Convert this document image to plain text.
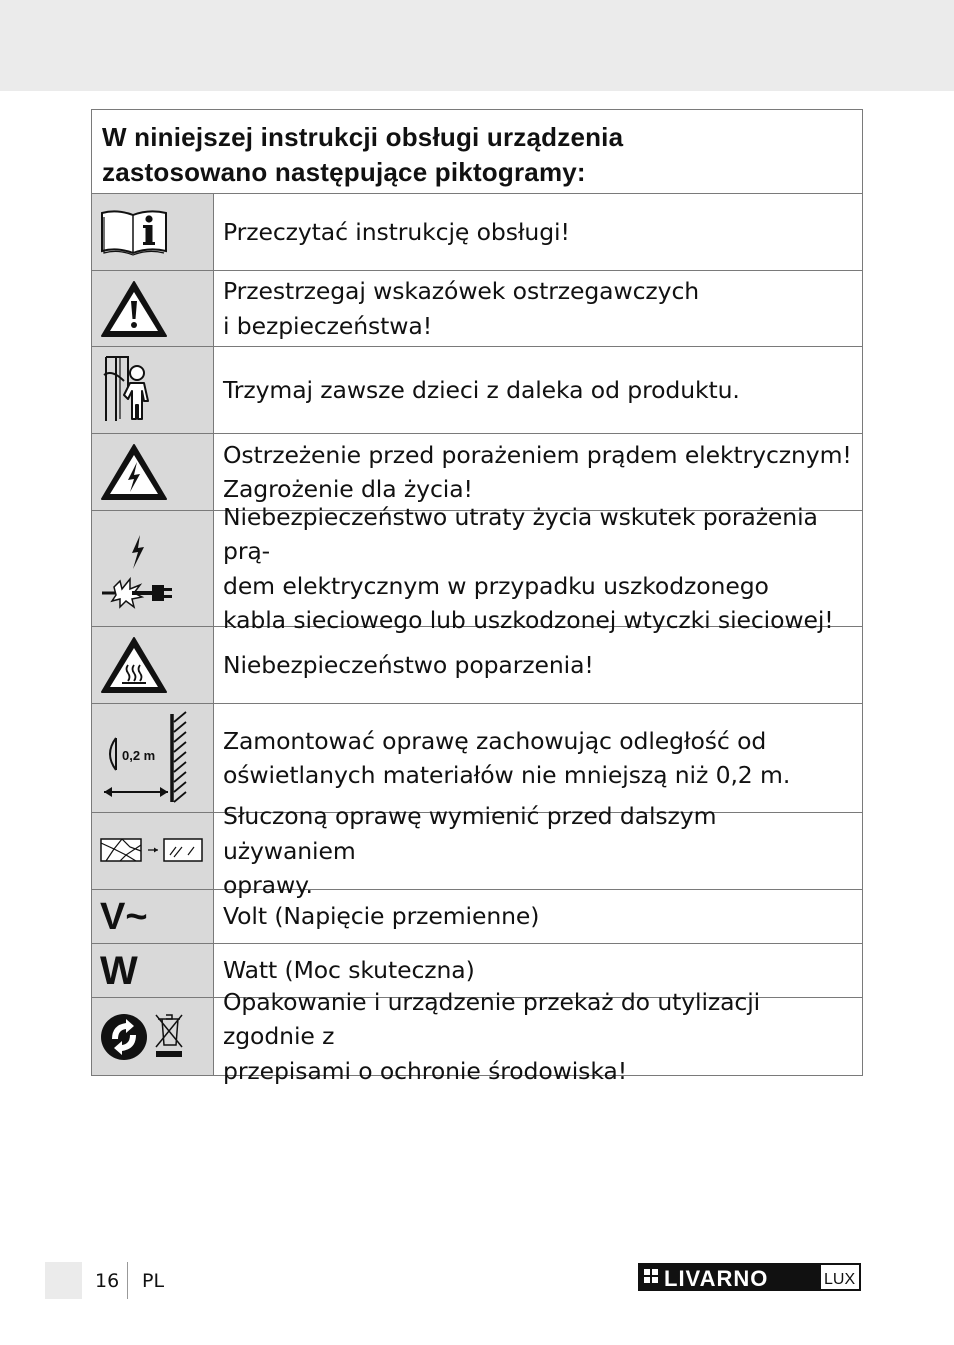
W niniejszej instrukcji obsługi urządzenia
zastosowano następujące piktogramy:
Przeczytać instrukcję obsługi!
Przestrzegaj wskazówek ostrzegawczych
i bezpieczeństwa!
Trzymaj zawsze dzieci z daleka od produktu.
Ostrzeżenie przed porażeniem prądem elektrycznym!
Zagrożenie dla życia!
Niebezpieczeństwo utraty życia wskutek porażenia prą-
dem elektrycznym w przypadku uszkodzonego
kabla sieciowego lub uszkodzonej wtyczki sieciowej!
Niebezpieczeństwo poparzenia!
0,2 m
Zamontować oprawę zachowując odległość od
oświetlanych materiałów nie mniejszą niż 0,2 m.
Słuczoną oprawę wymienić przed dalszym używaniem
oprawy.
V~	Volt (Napięcie przemienne)
W	Watt (Moc skuteczna)
Opakowanie i urządzenie przekaż do utylizacji zgodnie z
przepisami o ochronie środowiska!
16 PL	LIVARNO	LUX
